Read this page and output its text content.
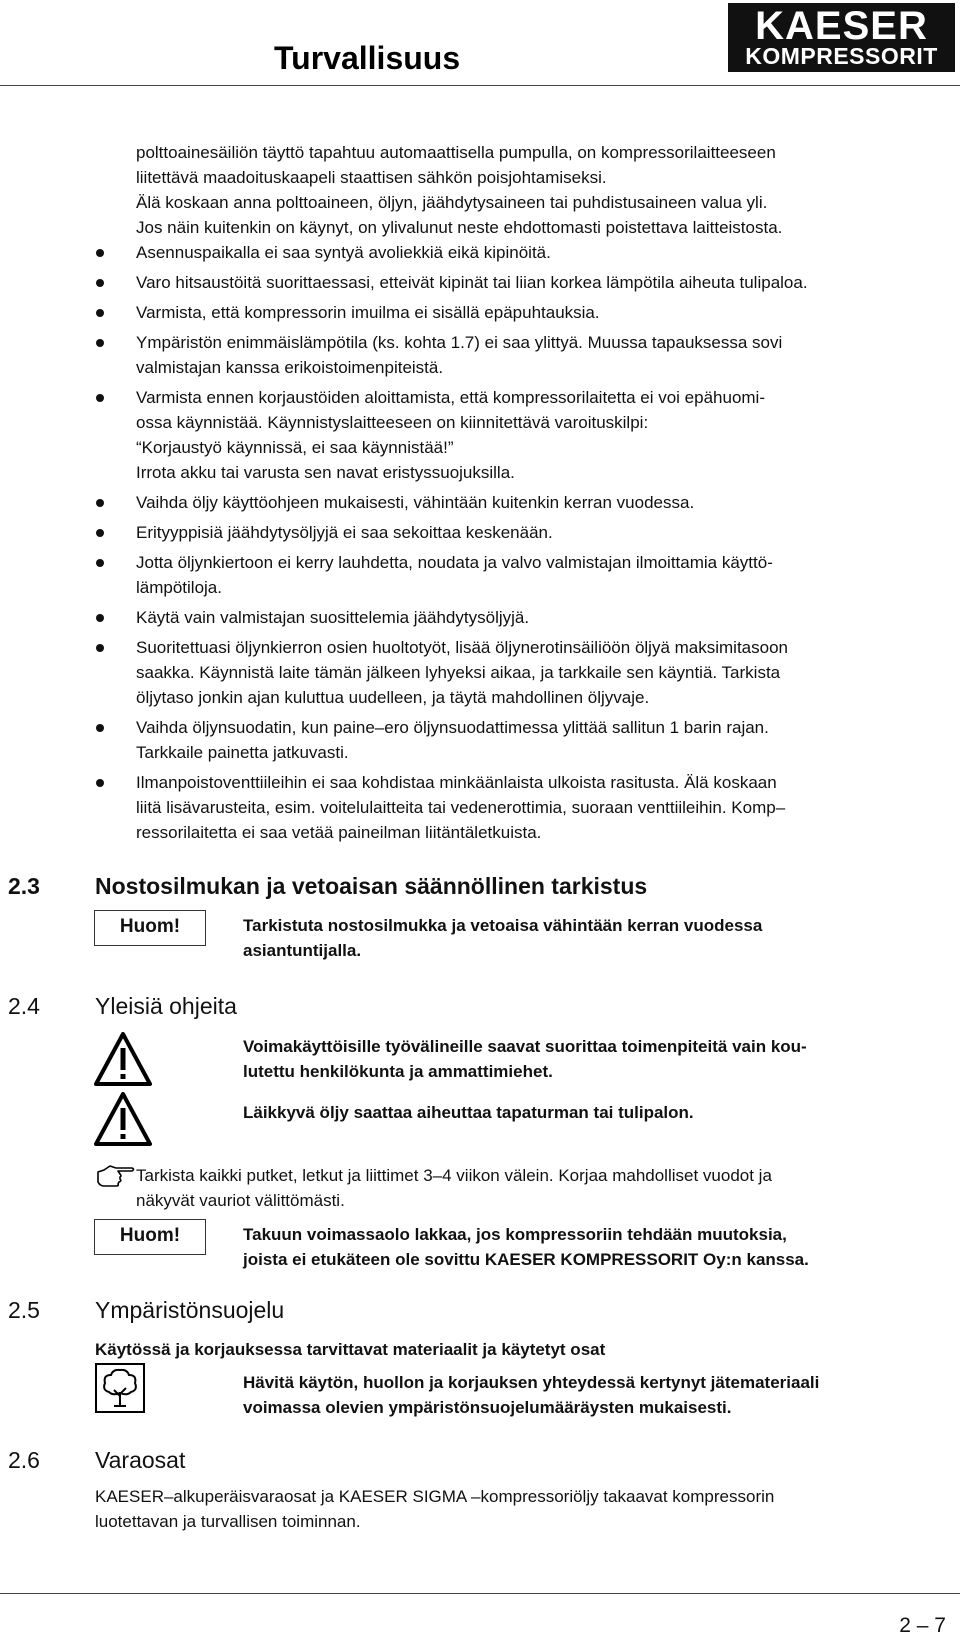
Turvallisuus
KAESER
KOMPRESSORIT
polttoainesäiliön täyttö tapahtuu automaattisella pumpulla, on kompressorilaitteeseen
liitettävä maadoituskaapeli staattisen sähkön poisjohtamiseksi.
Älä koskaan anna polttoaineen, öljyn, jäähdytysaineen tai puhdistusaineen valua yli.
Jos näin kuitenkin on käynyt, on ylivalunut neste ehdottomasti poistettava laitteistosta.
Asennuspaikalla ei saa syntyä avoliekkiä eikä kipinöitä.
Varo hitsaustöitä suorittaessasi, etteivät kipinät tai liian korkea lämpötila aiheuta tulipaloa.
Varmista, että kompressorin imuilma ei sisällä epäpuhtauksia.
Ympäristön enimmäislämpötila (ks. kohta 1.7) ei saa ylittyä. Muussa tapauksessa sovi
valmistajan kanssa erikoistoimenpiteistä.
Varmista ennen korjaustöiden aloittamista, että kompressorilaitetta ei voi epähuomi-
ossa käynnistää. Käynnistyslaitteeseen on kiinnitettävä varoituskilpi:
“Korjaustyö käynnissä, ei saa käynnistää!”
Irrota akku tai varusta sen navat eristyssuojuksilla.
Vaihda öljy käyttöohjeen mukaisesti, vähintään kuitenkin kerran vuodessa.
Erityyppisiä jäähdytysöljyjä ei saa sekoittaa keskenään.
Jotta öljynkiertoon ei kerry lauhdetta, noudata ja valvo valmistajan ilmoittamia käyttö-
lämpötiloja.
Käytä vain valmistajan suosittelemia jäähdytysöljyjä.
Suoritettuasi öljynkierron osien huoltotyöt, lisää öljynerotinsäiliöön öljyä maksimitasoon
saakka. Käynnistä laite tämän jälkeen lyhyeksi aikaa, ja tarkkaile sen käyntiä. Tarkista
öljytaso jonkin ajan kuluttua uudelleen, ja täytä mahdollinen öljyvaje.
Vaihda öljynsuodatin, kun paine–ero öljynsuodattimessa ylittää sallitun 1 barin rajan.
Tarkkaile painetta jatkuvasti.
Ilmanpoistoventtiileihin ei saa kohdistaa minkäänlaista ulkoista rasitusta. Älä koskaan
liitä lisävarusteita, esim. voitelulaitteita tai vedenerottimia, suoraan venttiileihin. Komp–
ressorilaitetta ei saa vetää paineilman liitäntäletkuista.
2.3 Nostosilmukan ja vetoaisan säännöllinen tarkistus
Huom!	Tarkistuta nostosilmukka ja vetoaisa vähintään kerran vuodessa
asiantuntijalla.
2.4 Yleisiä ohjeita
Voimakäyttöisille työvälineille saavat suorittaa toimenpiteitä vain kou-
lutettu henkilökunta ja ammattimiehet.
Läikkyvä öljy saattaa aiheuttaa tapaturman tai tulipalon.
Tarkista kaikki putket, letkut ja liittimet 3–4 viikon välein. Korjaa mahdolliset vuodot ja
näkyvät vauriot välittömästi.
Huom!	Takuun voimassaolo lakkaa, jos kompressoriin tehdään muutoksia,
joista ei etukäteen ole sovittu KAESER KOMPRESSORIT Oy:n kanssa.
2.5 Ympäristönsuojelu
Käytössä ja korjauksessa tarvittavat materiaalit ja käytetyt osat
Hävitä käytön, huollon ja korjauksen yhteydessä kertynyt jätemateriaali
voimassa olevien ympäristönsuojelumääräysten mukaisesti.
2.6 Varaosat
KAESER–alkuperäisvaraosat ja KAESER SIGMA –kompressoriöljy takaavat kompressorin
luotettavan ja turvallisen toiminnan.
2 – 7
